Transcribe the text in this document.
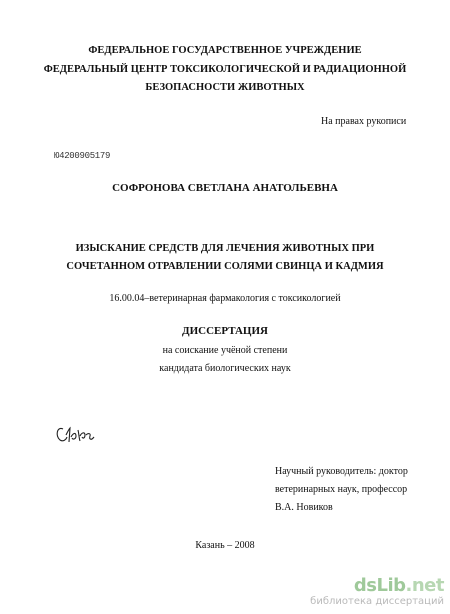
ФЕДЕРАЛЬНОЕ ГОСУДАРСТВЕННОЕ УЧРЕЖДЕНИЕ
ФЕДЕРАЛЬНЫЙ ЦЕНТР ТОКСИКОЛОГИЧЕСКОЙ И РАДИАЦИОННОЙ
БЕЗОПАСНОСТИ ЖИВОТНЫХ
На правах рукописи
Ю4200905179
СОФРОНОВА СВЕТЛАНА АНАТОЛЬЕВНА
ИЗЫСКАНИЕ СРЕДСТВ ДЛЯ ЛЕЧЕНИЯ ЖИВОТНЫХ ПРИ
СОЧЕТАННОМ ОТРАВЛЕНИИ СОЛЯМИ СВИНЦА И КАДМИЯ
16.00.04–ветеринарная фармакология с токсикологией
ДИССЕРТАЦИЯ
на соискание учёной степени
кандидата биологических наук
Научный руководитель: доктор
ветеринарных наук, профессор
В.А. Новиков
Казань – 2008
dsLib.net
библиотека диссертаций
